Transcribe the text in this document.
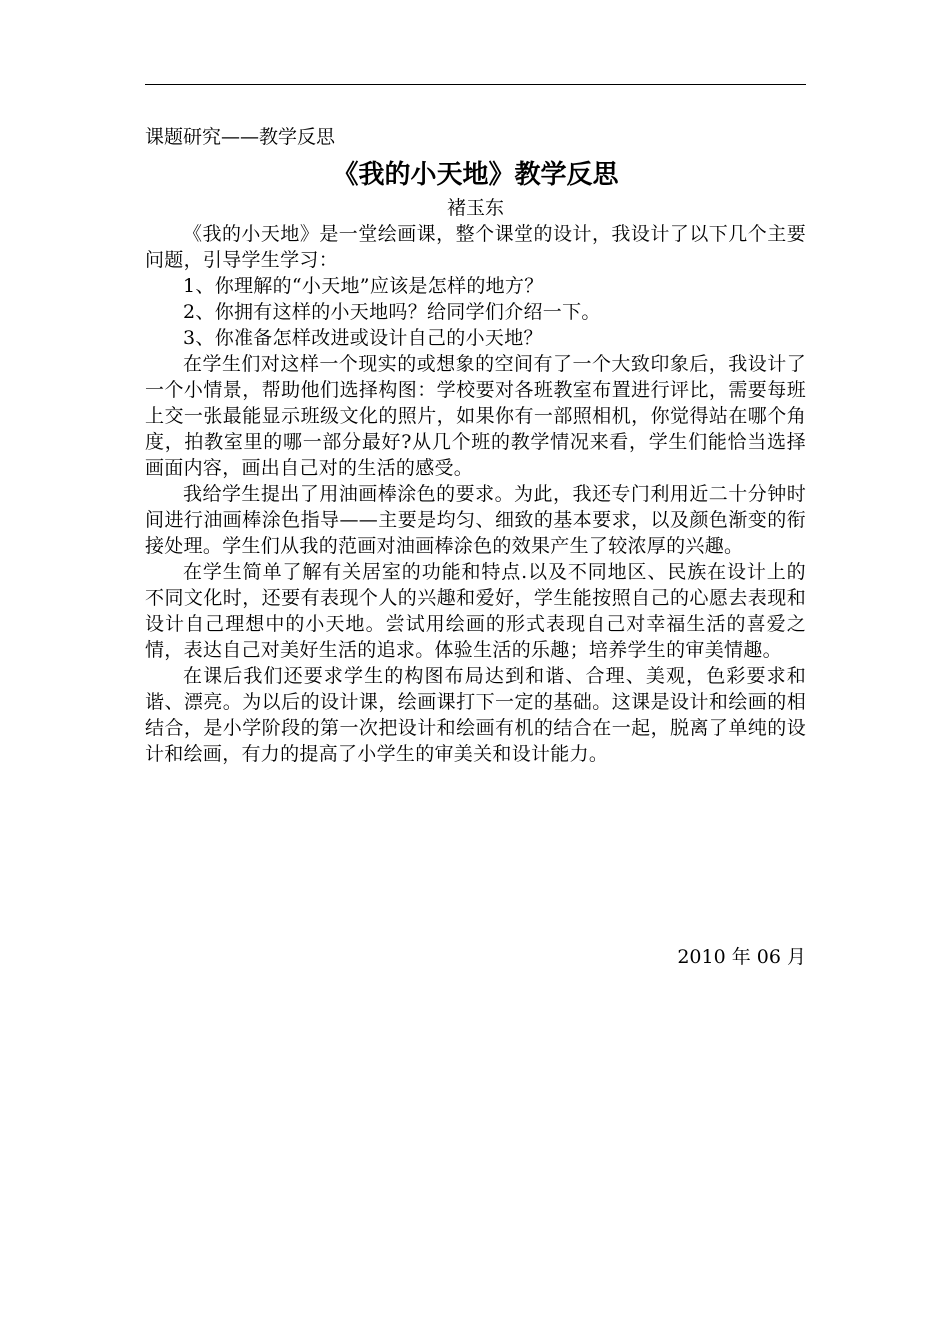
课题研究——教学反思

《我的小天地》教学反思

褚玉东

《我的小天地》是一堂绘画课，整个课堂的设计，我设计了以下几个主要问题，引导学生学习：

1、你理解的“小天地”应该是怎样的地方？

2、你拥有这样的小天地吗？给同学们介绍一下。

3、你准备怎样改进或设计自己的小天地？

在学生们对这样一个现实的或想象的空间有了一个大致印象后，我设计了一个小情景，帮助他们选择构图：学校要对各班教室布置进行评比，需要每班上交一张最能显示班级文化的照片，如果你有一部照相机，你觉得站在哪个角度，拍教室里的哪一部分最好?从几个班的教学情况来看，学生们能恰当选择画面内容，画出自己对的生活的感受。

我给学生提出了用油画棒涂色的要求。为此，我还专门利用近二十分钟时间进行油画棒涂色指导——主要是均匀、细致的基本要求，以及颜色渐变的衔接处理。学生们从我的范画对油画棒涂色的效果产生了较浓厚的兴趣。

在学生简单了解有关居室的功能和特点.以及不同地区、民族在设计上的不同文化时，还要有表现个人的兴趣和爱好，学生能按照自己的心愿去表现和设计自己理想中的小天地。尝试用绘画的形式表现自己对幸福生活的喜爱之情，表达自己对美好生活的追求。体验生活的乐趣；培养学生的审美情趣。

在课后我们还要求学生的构图布局达到和谐、合理、美观，色彩要求和谐、漂亮。为以后的设计课，绘画课打下一定的基础。这课是设计和绘画的相结合，是小学阶段的第一次把设计和绘画有机的结合在一起，脱离了单纯的设计和绘画，有力的提高了小学生的审美关和设计能力。

2010 年 06 月
